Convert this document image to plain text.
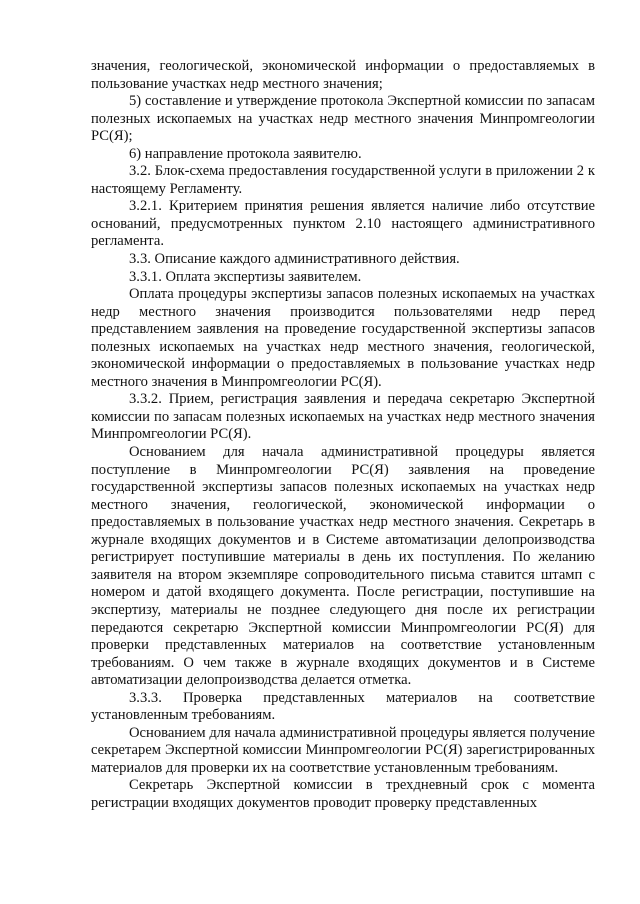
значения, геологической, экономической информации о предоставляемых в пользование участках недр местного значения;

5) составление и утверждение протокола Экспертной комиссии по запасам полезных ископаемых на участках недр местного значения Минпромгеологии РС(Я);

6) направление протокола заявителю.

3.2. Блок-схема предоставления государственной услуги в приложении 2 к настоящему Регламенту.

3.2.1. Критерием принятия решения является наличие либо отсутствие оснований, предусмотренных пунктом 2.10 настоящего административного регламента.

3.3. Описание каждого административного действия.

3.3.1. Оплата экспертизы заявителем.

Оплата процедуры экспертизы запасов полезных ископаемых на участках недр местного значения производится пользователями недр перед представлением заявления на проведение государственной экспертизы запасов полезных ископаемых на участках недр местного значения, геологической, экономической информации о предоставляемых в пользование участках недр местного значения в Минпромгеологии РС(Я).

3.3.2. Прием, регистрация заявления и передача секретарю Экспертной комиссии по запасам полезных ископаемых на участках недр местного значения Минпромгеологии РС(Я).

Основанием для начала административной процедуры является поступление в Минпромгеологии РС(Я) заявления на проведение государственной экспертизы запасов полезных ископаемых на участках недр местного значения, геологической, экономической информации о предоставляемых в пользование участках недр местного значения. Секретарь в журнале входящих документов и в Системе автоматизации делопроизводства регистрирует поступившие материалы в день их поступления. По желанию заявителя на втором экземпляре сопроводительного письма ставится штамп с номером и датой входящего документа. После регистрации, поступившие на экспертизу, материалы не позднее следующего дня после их регистрации передаются секретарю Экспертной комиссии Минпромгеологии РС(Я) для проверки представленных материалов на соответствие установленным требованиям. О чем также в журнале входящих документов и в Системе автоматизации делопроизводства делается отметка.

3.3.3. Проверка представленных материалов на соответствие установленным требованиям.

Основанием для начала административной процедуры является получение секретарем Экспертной комиссии Минпромгеологии РС(Я) зарегистрированных материалов для проверки их на соответствие установленным требованиям.

Секретарь Экспертной комиссии в трехдневный срок с момента регистрации входящих документов проводит проверку представленных
